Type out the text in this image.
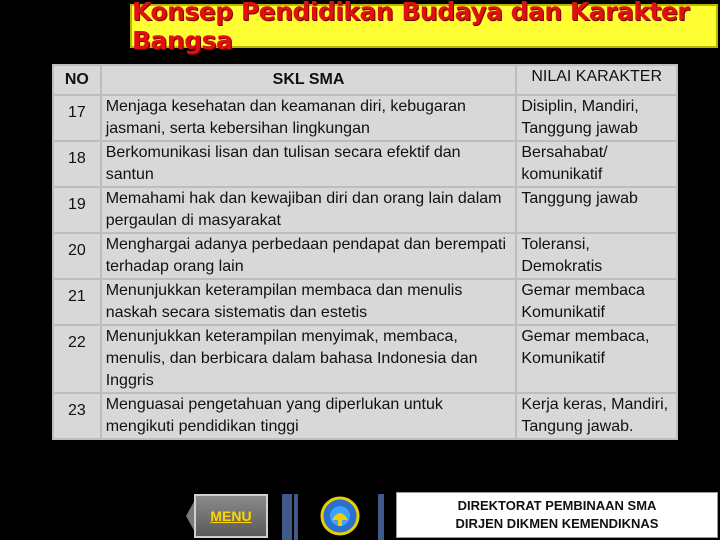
Konsep Pendidikan Budaya dan Karakter Bangsa
NO	SKL SMA	NILAI KARAKTER
17	Menjaga kesehatan dan keamanan diri, kebugaran jasmani, serta kebersihan lingkungan	Disiplin, Mandiri, Tanggung jawab
18	Berkomunikasi lisan dan tulisan secara efektif dan santun	Bersahabat/ komunikatif
19	Memahami hak dan kewajiban diri dan orang lain dalam pergaulan di masyarakat	Tanggung jawab
20	Menghargai adanya perbedaan pendapat dan berempati terhadap orang lain	Toleransi, Demokratis
21	Menunjukkan keterampilan membaca dan menulis naskah secara sistematis dan estetis	Gemar membaca Komunikatif
22	Menunjukkan keterampilan menyimak, membaca, menulis, dan berbicara dalam bahasa Indonesia dan Inggris	Gemar membaca, Komunikatif
23	Menguasai pengetahuan yang diperlukan untuk mengikuti pendidikan tinggi	Kerja keras, Mandiri, Tangung jawab.
MENU
DIREKTORAT PEMBINAAN SMA
DIRJEN DIKMEN KEMENDIKNAS
